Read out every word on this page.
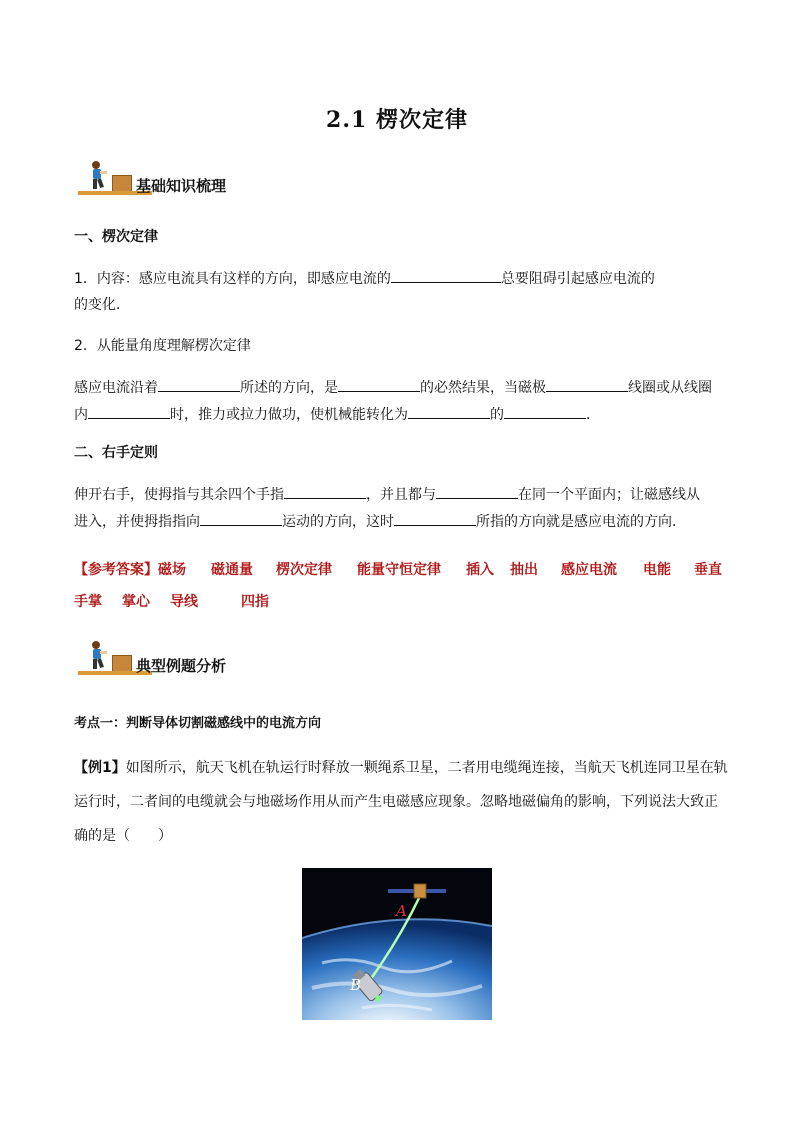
2.1 楞次定律
基础知识梳理
一、楞次定律
1．内容：感应电流具有这样的方向，即感应电流的	总要阻碍引起感应电流的
的变化．
2．从能量角度理解楞次定律
感应电流沿着	所述的方向，是	的必然结果，当磁极	线圈或从线圈
内	时，推力或拉力做功，使机械能转化为	的	．
二、右手定则
伸开右手，使拇指与其余四个手指	，并且都与	在同一个平面内；让磁感线从
进入，并使拇指指向	运动的方向，这时	所指的方向就是感应电流的方向．
【参考答案】 磁场 磁通量 楞次定律 能量守恒定律 插入 抽出 感应电流 电能 垂直
手掌 掌心 导线	四指
典型例题分析
考点一：判断导体切割磁感线中的电流方向
【例1】如图所示，航天飞机在轨运行时释放一颗绳系卫星，二者用电缆绳连接，当航天飞机连同卫星在轨
运行时，二者间的电缆就会与地磁场作用从而产生电磁感应现象。忽略地磁偏角的影响，下列说法大致正
确的是（　　）
A
B
